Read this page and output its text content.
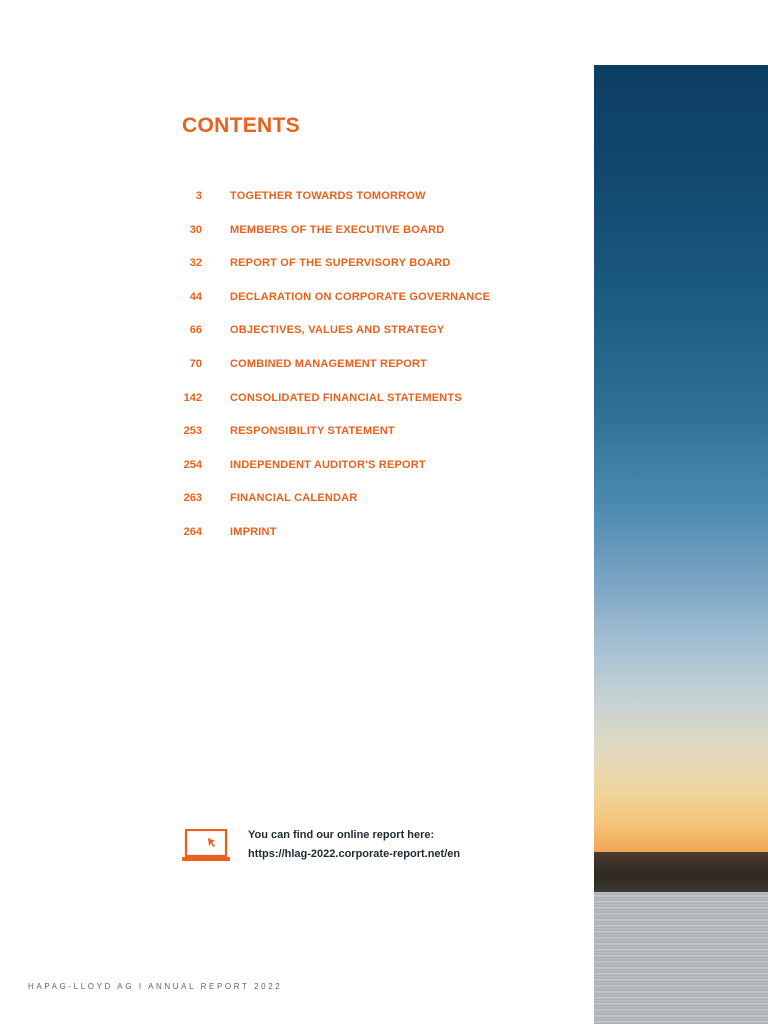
CONTENTS
3	TOGETHER TOWARDS TOMORROW
30	MEMBERS OF THE EXECUTIVE BOARD
32	REPORT OF THE SUPERVISORY BOARD
44	DECLARATION ON CORPORATE GOVERNANCE
66	OBJECTIVES, VALUES AND STRATEGY
70	COMBINED MANAGEMENT REPORT
142	CONSOLIDATED FINANCIAL STATEMENTS
253	RESPONSIBILITY STATEMENT
254	INDEPENDENT AUDITOR'S REPORT
263	FINANCIAL CALENDAR
264	IMPRINT
You can find our online report here:
https://hlag-2022.corporate-report.net/en
HAPAG-LLOYD AG I ANNUAL REPORT 2022
